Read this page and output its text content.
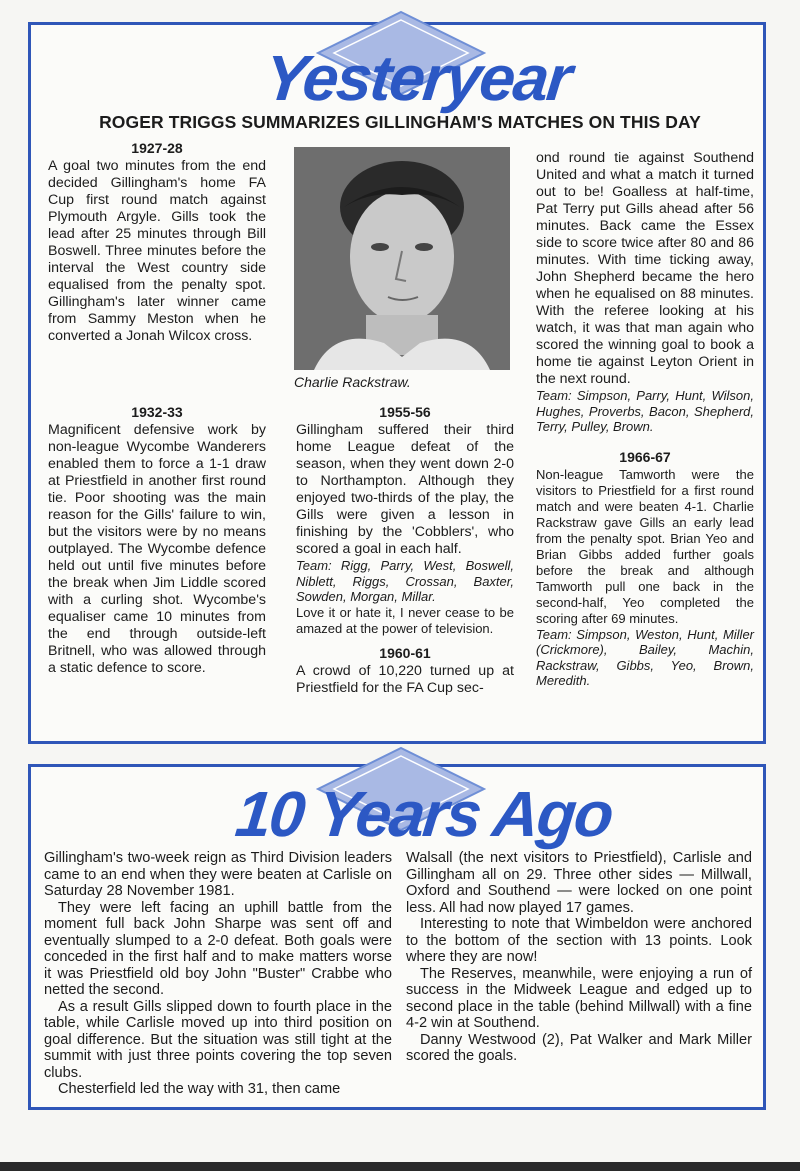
Yesteryear
ROGER TRIGGS SUMMARIZES GILLINGHAM'S MATCHES ON THIS DAY
1927-28

A goal two minutes from the end decided Gillingham's home FA Cup first round match against Plymouth Argyle. Gills took the lead after 25 minutes through Bill Boswell. Three minutes before the interval the West country side equalised from the penalty spot. Gillingham's later winner came from Sammy Meston when he converted a Jonah Wilcox cross.

1932-33

Magnificent defensive work by non-league Wycombe Wanderers enabled them to force a 1-1 draw at Priestfield in another first round tie. Poor shooting was the main reason for the Gills' failure to win, but the visitors were by no means outplayed. The Wycombe defence held out until five minutes before the break when Jim Liddle scored with a curling shot. Wycombe's equaliser came 10 minutes from the end through outside-left Britnell, who was allowed through a static defence to score.

Charlie Rackstraw.
1955-56

Gillingham suffered their third home League defeat of the season, when they went down 2-0 to Northampton. Although they enjoyed two-thirds of the play, the Gills were given a lesson in finishing by the 'Cobblers', who scored a goal in each half.

Team: Rigg, Parry, West, Boswell, Niblett, Riggs, Crossan, Baxter, Sowden, Morgan, Millar.

Love it or hate it, I never cease to be amazed at the power of television.

1960-61

A crowd of 10,220 turned up at Priestfield for the FA Cup sec-

ond round tie against Southend United and what a match it turned out to be! Goalless at half-time, Pat Terry put Gills ahead after 56 minutes. Back came the Essex side to score twice after 80 and 86 minutes. With time ticking away, John Shepherd became the hero when he equalised on 88 minutes. With the referee looking at his watch, it was that man again who scored the winning goal to book a home tie against Leyton Orient in the next round.

Team: Simpson, Parry, Hunt, Wilson, Hughes, Proverbs, Bacon, Shepherd, Terry, Pulley, Brown.

1966-67

Non-league Tamworth were the visitors to Priestfield for a first round match and were beaten 4-1. Charlie Rackstraw gave Gills an early lead from the penalty spot. Brian Yeo and Brian Gibbs added further goals before the break and although Tamworth pull one back in the second-half, Yeo completed the scoring after 69 minutes.

Team: Simpson, Weston, Hunt, Miller (Crickmore), Bailey, Machin, Rackstraw, Gibbs, Yeo, Brown, Meredith.

10 Years Ago

Gillingham's two-week reign as Third Division leaders came to an end when they were beaten at Carlisle on Saturday 28 November 1981.

They were left facing an uphill battle from the moment full back John Sharpe was sent off and eventually slumped to a 2-0 defeat. Both goals were conceded in the first half and to make matters worse it was Priestfield old boy John "Buster" Crabbe who netted the second.

As a result Gills slipped down to fourth place in the table, while Carlisle moved up into third position on goal difference. But the situation was still tight at the summit with just three points covering the top seven clubs.

Chesterfield led the way with 31, then came

Walsall (the next visitors to Priestfield), Carlisle and Gillingham all on 29. Three other sides — Millwall, Oxford and Southend — were locked on one point less. All had now played 17 games.

Interesting to note that Wimbeldon were anchored to the bottom of the section with 13 points. Look where they are now!

The Reserves, meanwhile, were enjoying a run of success in the Midweek League and edged up to second place in the table (behind Millwall) with a fine 4-2 win at Southend.

Danny Westwood (2), Pat Walker and Mark Miller scored the goals.
